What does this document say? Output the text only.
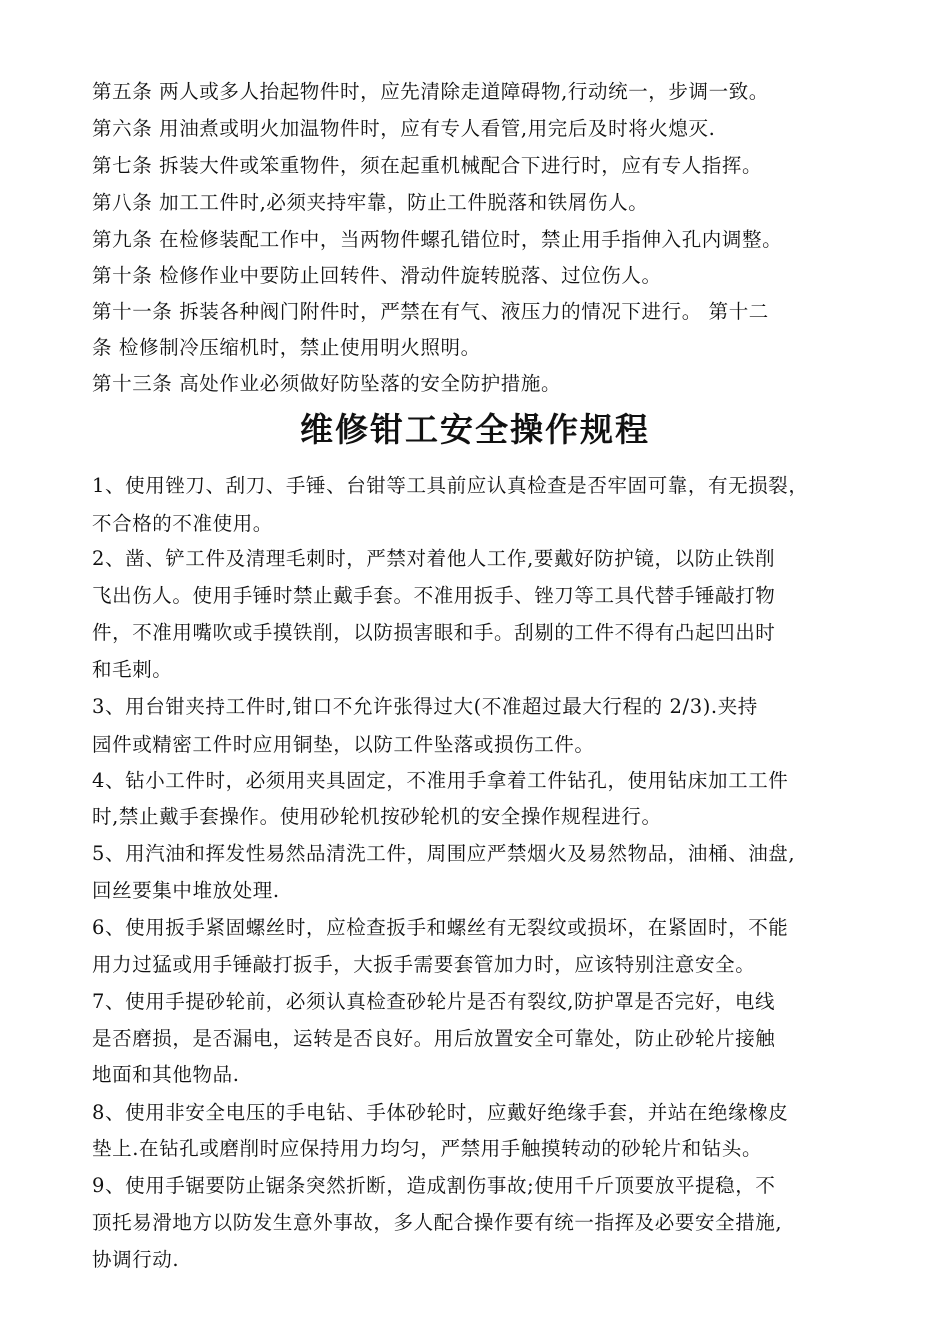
第五条 两人或多人抬起物件时，应先清除走道障碍物,行动统一，步调一致。
第六条 用油煮或明火加温物件时，应有专人看管,用完后及时将火熄灭.
第七条 拆装大件或笨重物件，须在起重机械配合下进行时，应有专人指挥。
第八条 加工工件时,必须夹持牢靠，防止工件脱落和铁屑伤人。
第九条 在检修装配工作中，当两物件螺孔错位时，禁止用手指伸入孔内调整。
第十条 检修作业中要防止回转件、滑动件旋转脱落、过位伤人。
第十一条 拆装各种阀门附件时，严禁在有气、液压力的情况下进行。 第十二
条 检修制冷压缩机时，禁止使用明火照明。
第十三条 高处作业必须做好防坠落的安全防护措施。
维修钳工安全操作规程
1、使用锉刀、刮刀、手锤、台钳等工具前应认真检查是否牢固可靠，有无损裂，
不合格的不准使用。
2、凿、铲工件及清理毛刺时，严禁对着他人工作,要戴好防护镜，以防止铁削
飞出伤人。使用手锤时禁止戴手套。不准用扳手、锉刀等工具代替手锤敲打物
件，不准用嘴吹或手摸铁削，以防损害眼和手。刮剔的工件不得有凸起凹出时
和毛刺。
3、用台钳夹持工件时,钳口不允许张得过大(不准超过最大行程的 2/3).夹持
园件或精密工件时应用铜垫，以防工件坠落或损伤工件。
4、钻小工件时，必须用夹具固定，不准用手拿着工件钻孔，使用钻床加工工件
时,禁止戴手套操作。使用砂轮机按砂轮机的安全操作规程进行。
5、用汽油和挥发性易然品清洗工件，周围应严禁烟火及易然物品，油桶、油盘,
回丝要集中堆放处理.
6、使用扳手紧固螺丝时，应检查扳手和螺丝有无裂纹或损坏，在紧固时，不能
用力过猛或用手锤敲打扳手，大扳手需要套管加力时，应该特别注意安全。
7、使用手提砂轮前，必须认真检查砂轮片是否有裂纹,防护罩是否完好，电线
是否磨损，是否漏电，运转是否良好。用后放置安全可靠处，防止砂轮片接触
地面和其他物品.
8、使用非安全电压的手电钻、手体砂轮时，应戴好绝缘手套，并站在绝缘橡皮
垫上.在钻孔或磨削时应保持用力均匀，严禁用手触摸转动的砂轮片和钻头。
9、使用手锯要防止锯条突然折断，造成割伤事故;使用千斤顶要放平提稳，不
顶托易滑地方以防发生意外事故，多人配合操作要有统一指挥及必要安全措施,
协调行动.
